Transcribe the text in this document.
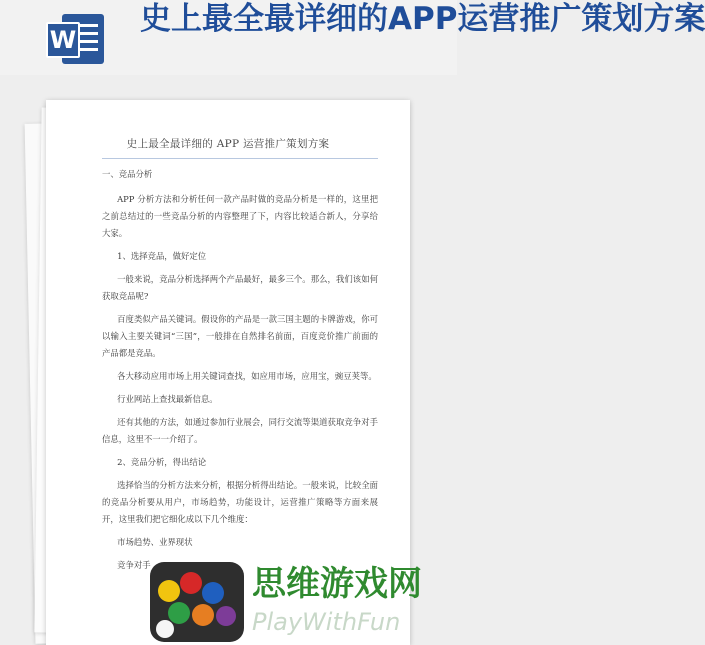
W
史上最全最详细的APP运营推广策划方案
史上最全最详细的 APP 运营推广策划方案

一、竞品分析

APP 分析方法和分析任何一款产品时做的竞品分析是一样的，这里把之前总结过的一些竞品分析的内容整理了下，内容比较适合新人，分享给大家。

1、选择竞品，做好定位

一般来说，竞品分析选择两个产品最好，最多三个。那么，我们该如何获取竞品呢?

百度类似产品关键词。假设你的产品是一款三国主题的卡牌游戏，你可以输入主要关键词“三国”，一般排在自然排名前面，百度竞价推广前面的产品都是竞品。

各大移动应用市场上用关键词查找，如应用市场，应用宝，豌豆荚等。

行业网站上查找最新信息。

还有其他的方法，如通过参加行业展会，同行交流等渠道获取竞争对手信息，这里不一一介绍了。

2、竞品分析，得出结论

选择恰当的分析方法来分析，根据分析得出结论。一般来说，比较全面的竞品分析要从用户，市场趋势，功能设计，运营推广策略等方面来展开，这里我们把它细化成以下几个维度：

市场趋势、业界现状

竞争对手	思维游戏网
PlayWithFun
